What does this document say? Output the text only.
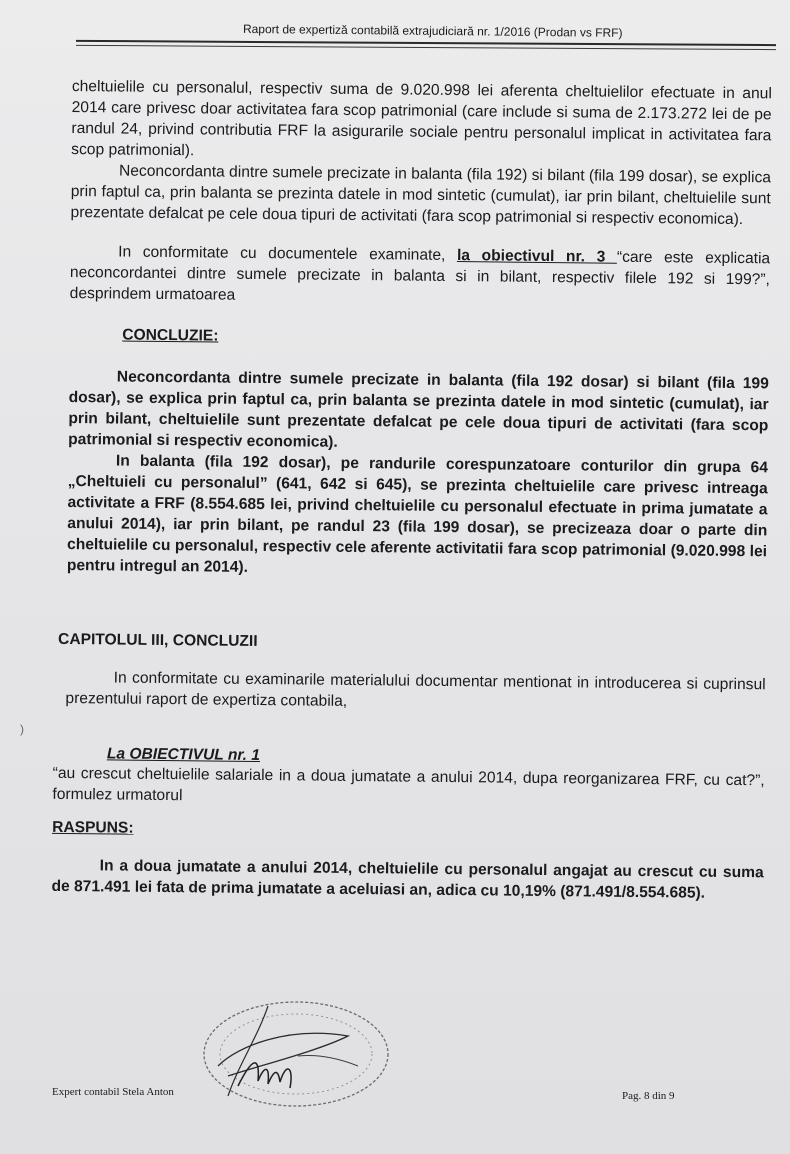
Raport de expertiză contabilă extrajudiciară nr. 1/2016 (Prodan vs FRF)
)

cheltuielile cu personalul, respectiv suma de 9.020.998 lei aferenta cheltuielilor efectuate in anul 2014 care privesc doar activitatea fara scop patrimonial (care include si suma de 2.173.272 lei de pe randul 24, privind contributia FRF la asigurarile sociale pentru personalul implicat in activitatea fara scop patrimonial).

Neconcordanta dintre sumele precizate in balanta (fila 192) si bilant (fila 199 dosar), se explica prin faptul ca, prin balanta se prezinta datele in mod sintetic (cumulat), iar prin bilant, cheltuielile sunt prezentate defalcat pe cele doua tipuri de activitati (fara scop patrimonial si respectiv economica).

In conformitate cu documentele examinate, la obiectivul nr. 3 “care este explicatia neconcordantei dintre sumele precizate in balanta si in bilant, respectiv filele 192 si 199?”, desprindem urmatoarea

CONCLUZIE:

Neconcordanta dintre sumele precizate in balanta (fila 192 dosar) si bilant (fila 199 dosar), se explica prin faptul ca, prin balanta se prezinta datele in mod sintetic (cumulat), iar prin bilant, cheltuielile sunt prezentate defalcat pe cele doua tipuri de activitati (fara scop patrimonial si respectiv economica).

In balanta (fila 192 dosar), pe randurile corespunzatoare conturilor din grupa 64 „Cheltuieli cu personalul” (641, 642 si 645), se prezinta cheltuielile care privesc intreaga activitate a FRF (8.554.685 lei, privind cheltuielile cu personalul efectuate in prima jumatate a anului 2014), iar prin bilant, pe randul 23 (fila 199 dosar), se precizeaza doar o parte din cheltuielile cu personalul, respectiv cele aferente activitatii fara scop patrimonial (9.020.998 lei pentru intregul an 2014).

CAPITOLUL III, CONCLUZII

In conformitate cu examinarile materialului documentar mentionat in introducerea si cuprinsul prezentului raport de expertiza contabila,

La OBIECTIVUL nr. 1

“au crescut cheltuielile salariale in a doua jumatate a anului 2014, dupa reorganizarea FRF, cu cat?”, formulez urmatorul

RASPUNS:

In a doua jumatate a anului 2014, cheltuielile cu personalul angajat au crescut cu suma de 871.491 lei fata de prima jumatate a aceluiasi an, adica cu 10,19% (871.491/8.554.685).

Expert contabil Stela Anton	Pag. 8 din 9
